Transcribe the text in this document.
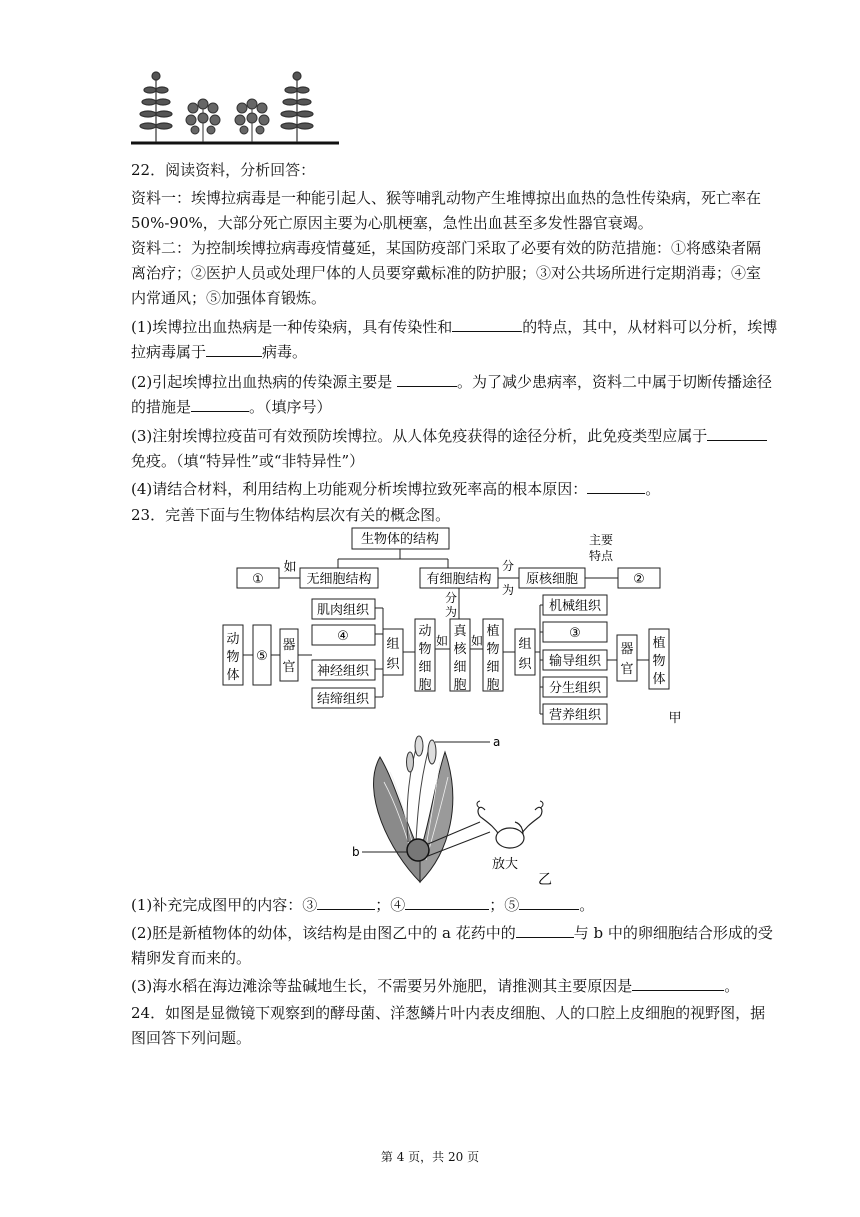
22．阅读资料，分析回答：
资料一：埃博拉病毒是一种能引起人、猴等哺乳动物产生堆博掠出血热的急性传染病，死亡率在
50%-90%，大部分死亡原因主要为心肌梗塞，急性出血甚至多发性器官衰竭。
资料二：为控制埃博拉病毒疫情蔓延，某国防疫部门采取了必要有效的防范措施：①将感染者隔
离治疗；②医护人员或处理尸体的人员要穿戴标准的防护服；③对公共场所进行定期消毒；④室
内常通风；⑤加强体育锻炼。
(1)埃博拉出血热病是一种传染病，具有传染性和	的特点，其中，从材料可以分析，埃博
拉病毒属于	病毒。
(2)引起埃博拉出血热病的传染源主要是	。为了减少患病率，资料二中属于切断传播途径
的措施是	。（填序号）
(3)注射埃博拉疫苗可有效预防埃博拉。从人体免疫获得的途径分析，此免疫类型应属于
免疫。（填“特异性”或“非特异性”）
(4)请结合材料，利用结构上功能观分析埃博拉致死率高的根本原因：	。
23．完善下面与生物体结构层次有关的概念图。
生物体的结构
无细胞结构
如
①	有细胞结构
分
为
原核细胞
主要
特点
②
分
为
真
核
细
胞
动
物
细
胞
如
植
物
细
胞
如
组
织
肌肉组织
④
神经组织
结缔组织
器
官
⑤
动
物
体
组
织
机械组织
③
输导组织
分生组织
营养组织
器
官
植
物
体
甲
a
b
放大
乙
(1)补充完成图甲的内容：③	；④	；⑤	。
(2)胚是新植物体的幼体，该结构是由图乙中的 a 花药中的	与 b 中的卵细胞结合形成的受
精卵发育而来的。
(3)海水稻在海边滩涂等盐碱地生长，不需要另外施肥，请推测其主要原因是	。
24．如图是显微镜下观察到的酵母菌、洋葱鳞片叶内表皮细胞、人的口腔上皮细胞的视野图，据
图回答下列问题。
第 4 页，共 20 页
